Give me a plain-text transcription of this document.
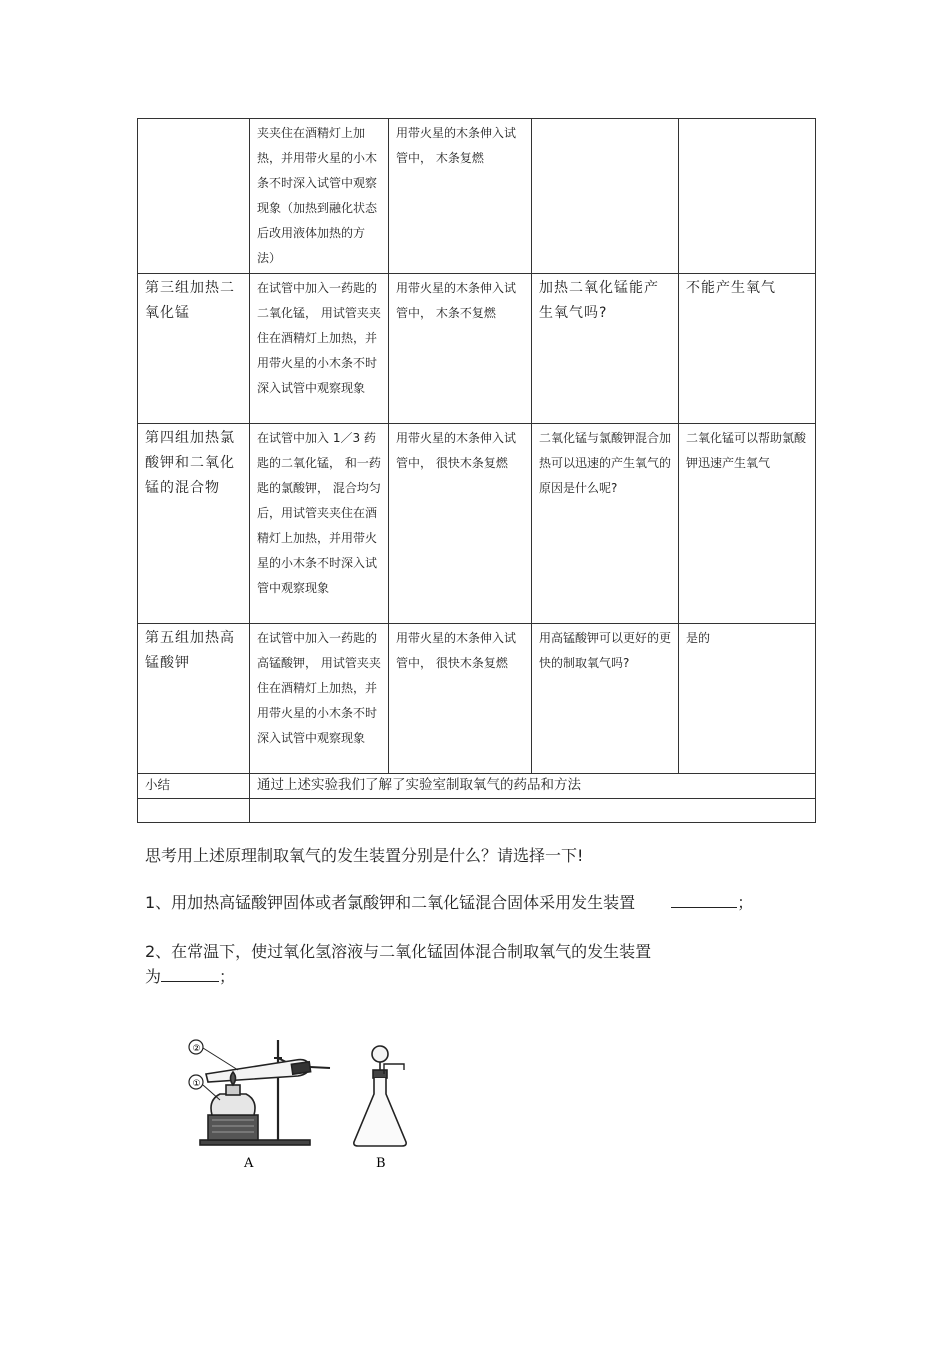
	夹夹住在酒精灯上加热，并用带火星的小木条不时深入试管中观察现象（加热到融化状态后改用液体加热的方法）	用带火星的木条伸入试管中， 木条复燃		
第三组加热二氧化锰	在试管中加入一药匙的二氧化锰， 用试管夹夹住在酒精灯上加热，并用带火星的小木条不时深入试管中观察现象	用带火星的木条伸入试管中， 木条不复燃	加热二氧化锰能产生氧气吗?	不能产生氧气
第四组加热氯酸钾和二氧化锰的混合物	在试管中加入 1／3 药匙的二氧化锰， 和一药匙的氯酸钾， 混合均匀后，用试管夹夹住在酒精灯上加热，并用带火星的小木条不时深入试管中观察现象	用带火星的木条伸入试管中， 很快木条复燃	二氧化锰与氯酸钾混合加热可以迅速的产生氧气的原因是什么呢?	二氧化锰可以帮助氯酸钾迅速产生氧气
第五组加热高锰酸钾	在试管中加入一药匙的高锰酸钾， 用试管夹夹住在酒精灯上加热，并用带火星的小木条不时深入试管中观察现象	用带火星的木条伸入试管中， 很快木条复燃	用高锰酸钾可以更好的更快的制取氧气吗?	是的
小结	通过上述实验我们了解了实验室制取氧气的药品和方法			

思考用上述原理制取氧气的发生装置分别是什么？请选择一下!

1、用加热高锰酸钾固体或者氯酸钾和二氧化锰混合固体采用发生装置	；

2、在常温下，使过氧化氢溶液与二氧化锰固体混合制取氧气的发生装置

为	；

②
①
A	B
